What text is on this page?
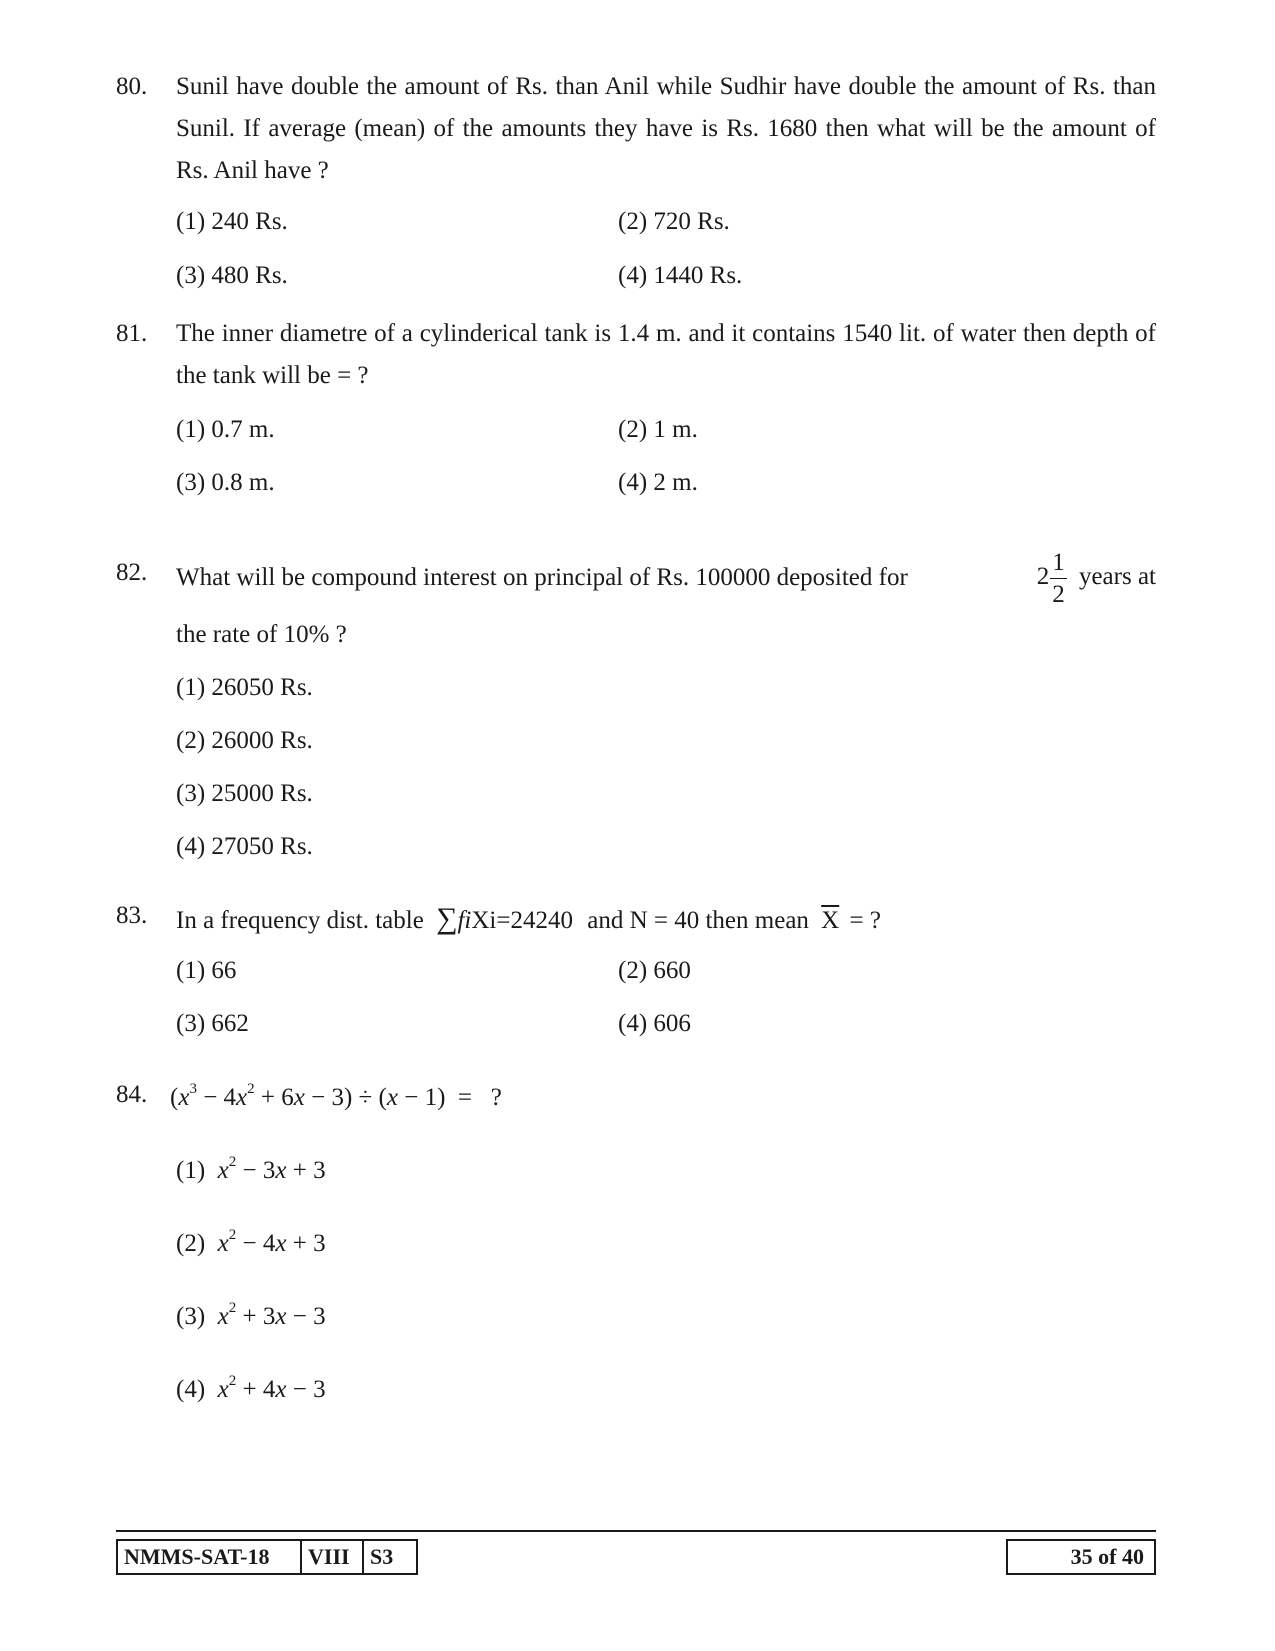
80. Sunil have double the amount of Rs. than Anil while Sudhir have double the amount of Rs. than Sunil. If average (mean) of the amounts they have is Rs. 1680 then what will be the amount of Rs. Anil have ?
(1) 240 Rs.	(2) 720 Rs.
(3) 480 Rs.	(4) 1440 Rs.
81. The inner diametre of a cylinderical tank is 1.4 m. and it contains 1540 lit. of water then depth of the tank will be = ?
(1) 0.7 m.	(2) 1 m.
(3) 0.8 m.	(4) 2 m.
82. What will be compound interest on principal of Rs. 100000 deposited for	$2 \frac{1}{2}$ years at
the rate of 10% ?
(1) 26050 Rs.
(2) 26000 Rs.
(3) 25000 Rs.
(4) 27050 Rs.
83. In a frequency dist. table ∑fiXi=24240 and N = 40 then mean $\overline{X}$ = ?
(1) 66	(2) 660
(3) 662	(4) 606
84. $(x^3 - 4x^2 + 6x - 3) \div (x - 1)$  =   ?
(1) $x^2 - 3x + 3$
(2) $x^2 - 4x + 3$
(3) $x^2 + 3x - 3$
(4) $x^2 + 4x - 3$
NMMS-SAT-18	VIII S3	35 of 40
